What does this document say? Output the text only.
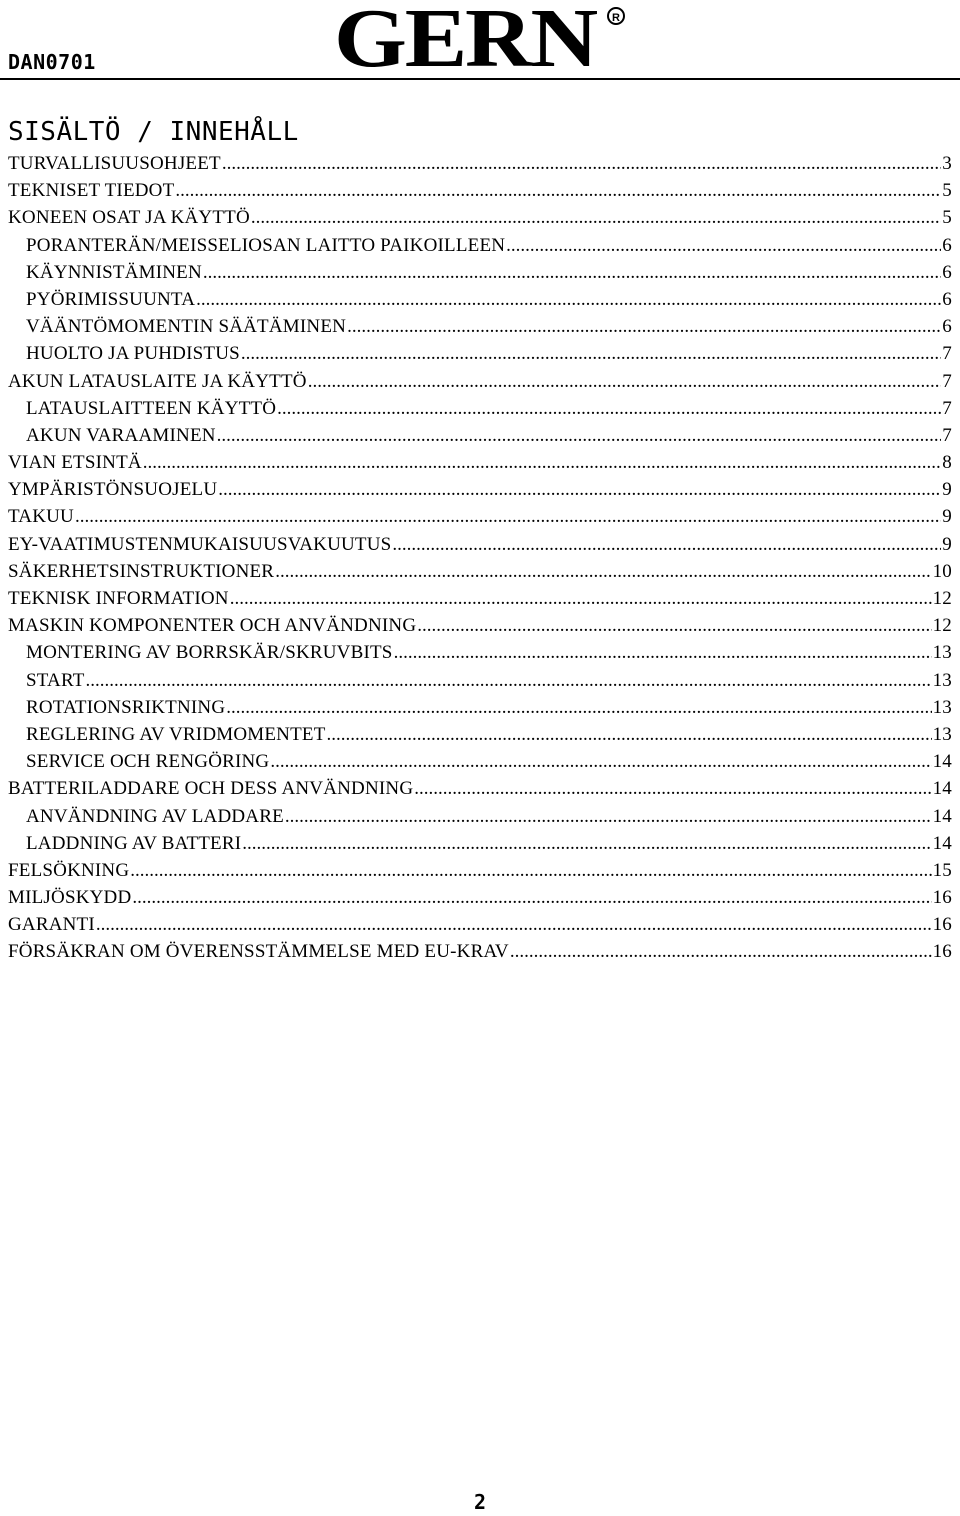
DAN0701	GERN R
SISÄLTÖ / INNEHÅLL
TURVALLISUUSOHJEET .....	3
TEKNISET TIEDOT .....	5
KONEEN OSAT JA KÄYTTÖ .....	5
PORANTERÄN/MEISSELIOSAN LAITTO PAIKOILLEEN .....	6
KÄYNNISTÄMINEN .....	6
PYÖRIMISSUUNTA .....	6
VÄÄNTÖMOMENTIN SÄÄTÄMINEN .....	6
HUOLTO JA PUHDISTUS .....	7
AKUN LATAUSLAITE JA KÄYTTÖ .....	7
LATAUSLAITTEEN KÄYTTÖ .....	7
AKUN VARAAMINEN .....	7
VIAN ETSINTÄ .....	8
YMPÄRISTÖNSUOJELU .....	9
TAKUU .....	9
EY-VAATIMUSTENMUKAISUUSVAKUUTUS .....	9
SÄKERHETSINSTRUKTIONER .....	10
TEKNISK INFORMATION .....	12
MASKIN KOMPONENTER OCH ANVÄNDNING .....	12
MONTERING AV BORRSKÄR/SKRUVBITS .....	13
START .....	13
ROTATIONSRIKTNING .....	13
REGLERING AV VRIDMOMENTET .....	13
SERVICE OCH RENGÖRING .....	14
BATTERILADDARE OCH DESS ANVÄNDNING .....	14
ANVÄNDNING AV LADDARE .....	14
LADDNING AV BATTERI .....	14
FELSÖKNING .....	15
MILJÖSKYDD .....	16
GARANTI .....	16
FÖRSÄKRAN OM ÖVERENSSTÄMMELSE MED EU-KRAV .....	16
2
